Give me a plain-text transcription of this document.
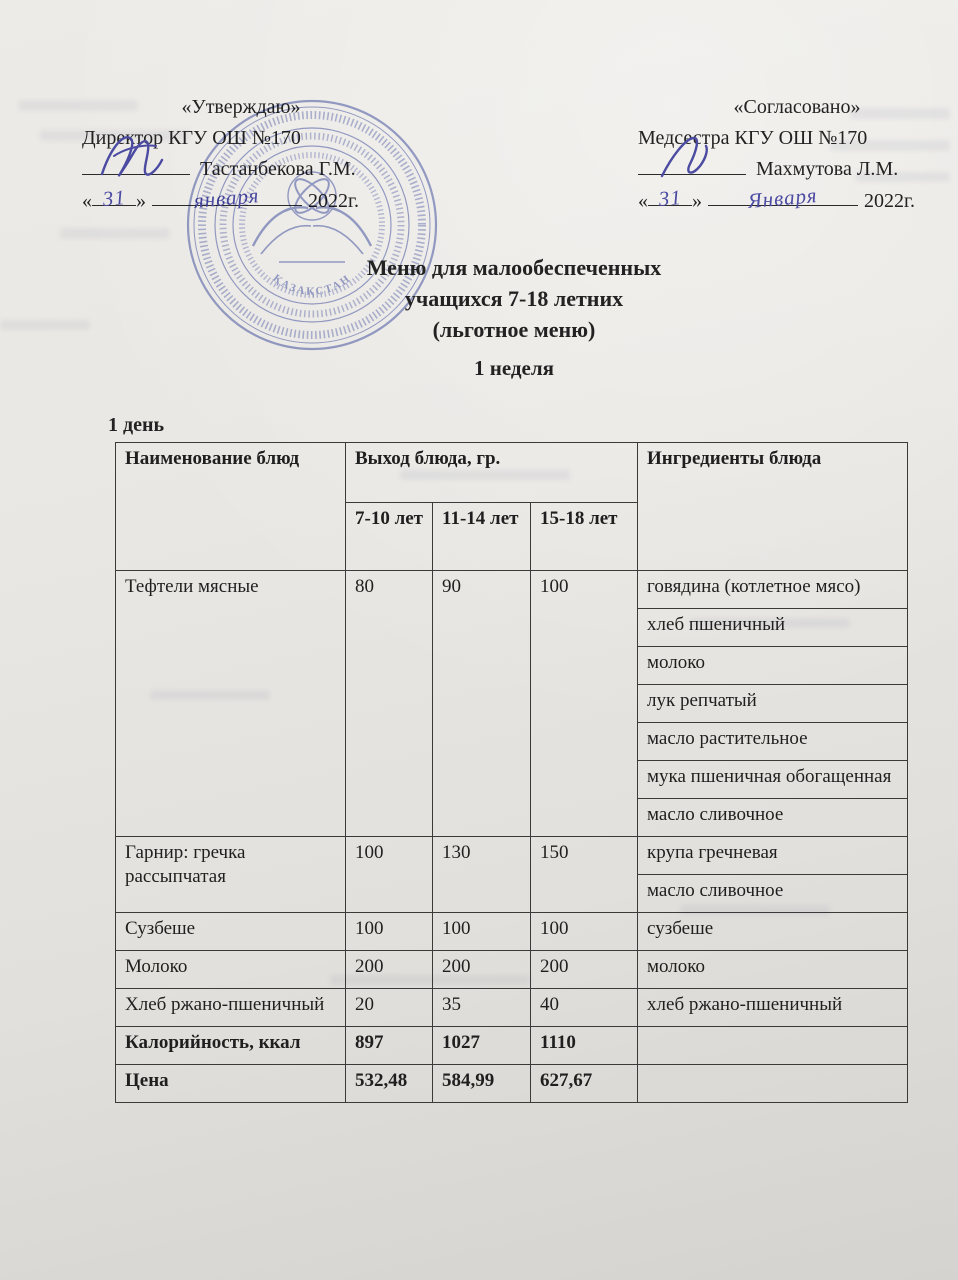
«Утверждаю»
Директор КГУ ОШ №170
Тастанбекова Г.М.
« 31 » января 2022г.
«Согласовано»
Медсестра КГУ ОШ №170
Махмутова Л.М.
« 31 » Января 2022г.
ҚАЗАҚСТАН
Меню для малообеспеченных
учащихся 7-18 летних
(льготное меню)
1 неделя
1 день
Наименование блюд	Выход блюда, гр.			Ингредиенты блюда
	7-10 лет	11-14 лет	15-18 лет	
Тефтели мясные	80	90	100	говядина (котлетное мясо)
				хлеб пшеничный
				молоко
				лук репчатый
				масло растительное
				мука пшеничная обогащенная
				масло сливочное
Гарнир: гречка рассыпчатая	100	130	150	крупа гречневая
				масло сливочное
Сузбеше	100	100	100	сузбеше
Молоко	200	200	200	молоко
Хлеб ржано-пшеничный	20	35	40	хлеб ржано-пшеничный
Калорийность, ккал	897	1027	1110	
Цена	532,48	584,99	627,67	
